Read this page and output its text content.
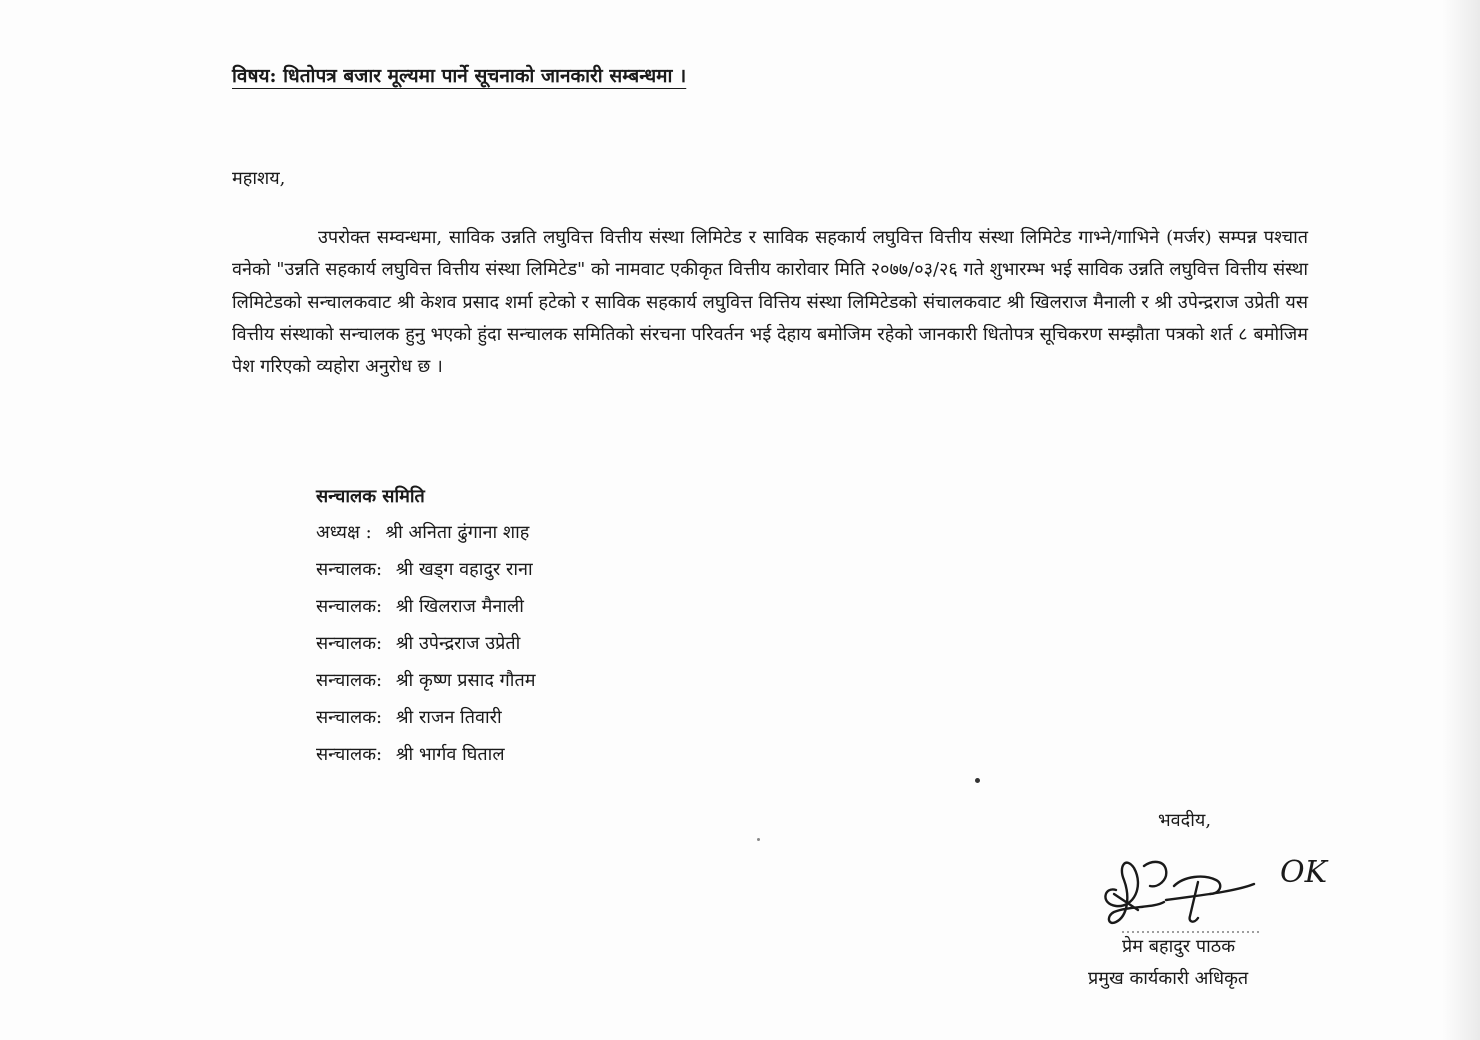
विषय: धितोपत्र बजार मूल्यमा पार्ने सूचनाको जानकारी सम्बन्धमा ।
महाशय,
उपरोक्त सम्वन्धमा, साविक उन्नति लघुवित्त वित्तीय संस्था लिमिटेड र साविक सहकार्य लघुवित्त वित्तीय संस्था लिमिटेड गाभ्ने/गाभिने (मर्जर) सम्पन्न पश्चात वनेको "उन्नति सहकार्य लघुवित्त वित्तीय संस्था लिमिटेड" को नामवाट एकीकृत वित्तीय कारोवार मिति २०७७/०३/२६ गते शुभारम्भ भई साविक उन्नति लघुवित्त वित्तीय संस्था लिमिटेडको सन्चालकवाट श्री केशव प्रसाद शर्मा हटेको र साविक सहकार्य लघुवित्त वित्तिय संस्था लिमिटेडको संचालकवाट श्री खिलराज मैनाली र श्री उपेन्द्रराज उप्रेती यस वित्तीय संस्थाको सन्चालक हुनु भएको हुंदा सन्चालक समितिको संरचना परिवर्तन भई देहाय बमोजिम रहेको जानकारी धितोपत्र सूचिकरण सम्झौता पत्रको शर्त ८ बमोजिम पेश गरिएको व्यहोरा अनुरोध छ ।
सन्चालक समिति
अध्यक्ष : श्री अनिता ढुंगाना शाह
सन्चालक: श्री खड्ग वहादुर राना
सन्चालक: श्री खिलराज मैनाली
सन्चालक: श्री उपेन्द्रराज उप्रेती
सन्चालक: श्री कृष्ण प्रसाद गौतम
सन्चालक: श्री राजन तिवारी
सन्चालक: श्री भार्गव घिताल
भवदीय,
OK
प्रेम बहादुर पाठक
प्रमुख कार्यकारी अधिकृत
